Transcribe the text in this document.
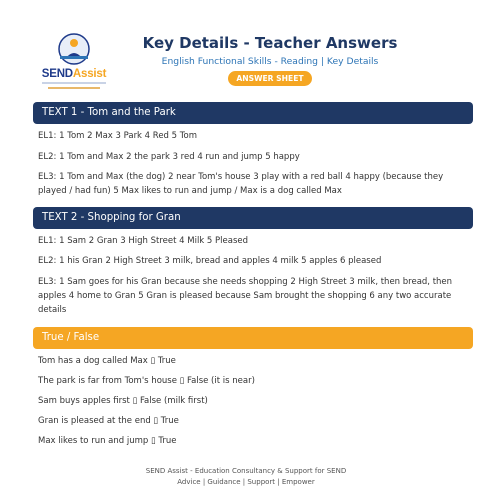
SENDAssist
Key Details - Teacher Answers
English Functional Skills - Reading | Key Details
ANSWER SHEET
TEXT 1 - Tom and the Park
EL1: 1 Tom 2 Max 3 Park 4 Red 5 Tom
EL2: 1 Tom and Max 2 the park 3 red 4 run and jump 5 happy
EL3: 1 Tom and Max (the dog) 2 near Tom's house 3 play with a red ball 4 happy (because they
played / had fun) 5 Max likes to run and jump / Max is a dog called Max
TEXT 2 - Shopping for Gran
EL1: 1 Sam 2 Gran 3 High Street 4 Milk 5 Pleased
EL2: 1 his Gran 2 High Street 3 milk, bread and apples 4 milk 5 apples 6 pleased
EL3: 1 Sam goes for his Gran because she needs shopping 2 High Street 3 milk, then bread, then
apples 4 home to Gran 5 Gran is pleased because Sam brought the shopping 6 any two accurate
details
True / False
Tom has a dog called Max ▯ True
The park is far from Tom's house ▯ False (it is near)
Sam buys apples first ▯ False (milk first)
Gran is pleased at the end ▯ True
Max likes to run and jump ▯ True
SEND Assist - Education Consultancy & Support for SEND
Advice | Guidance | Support | Empower
